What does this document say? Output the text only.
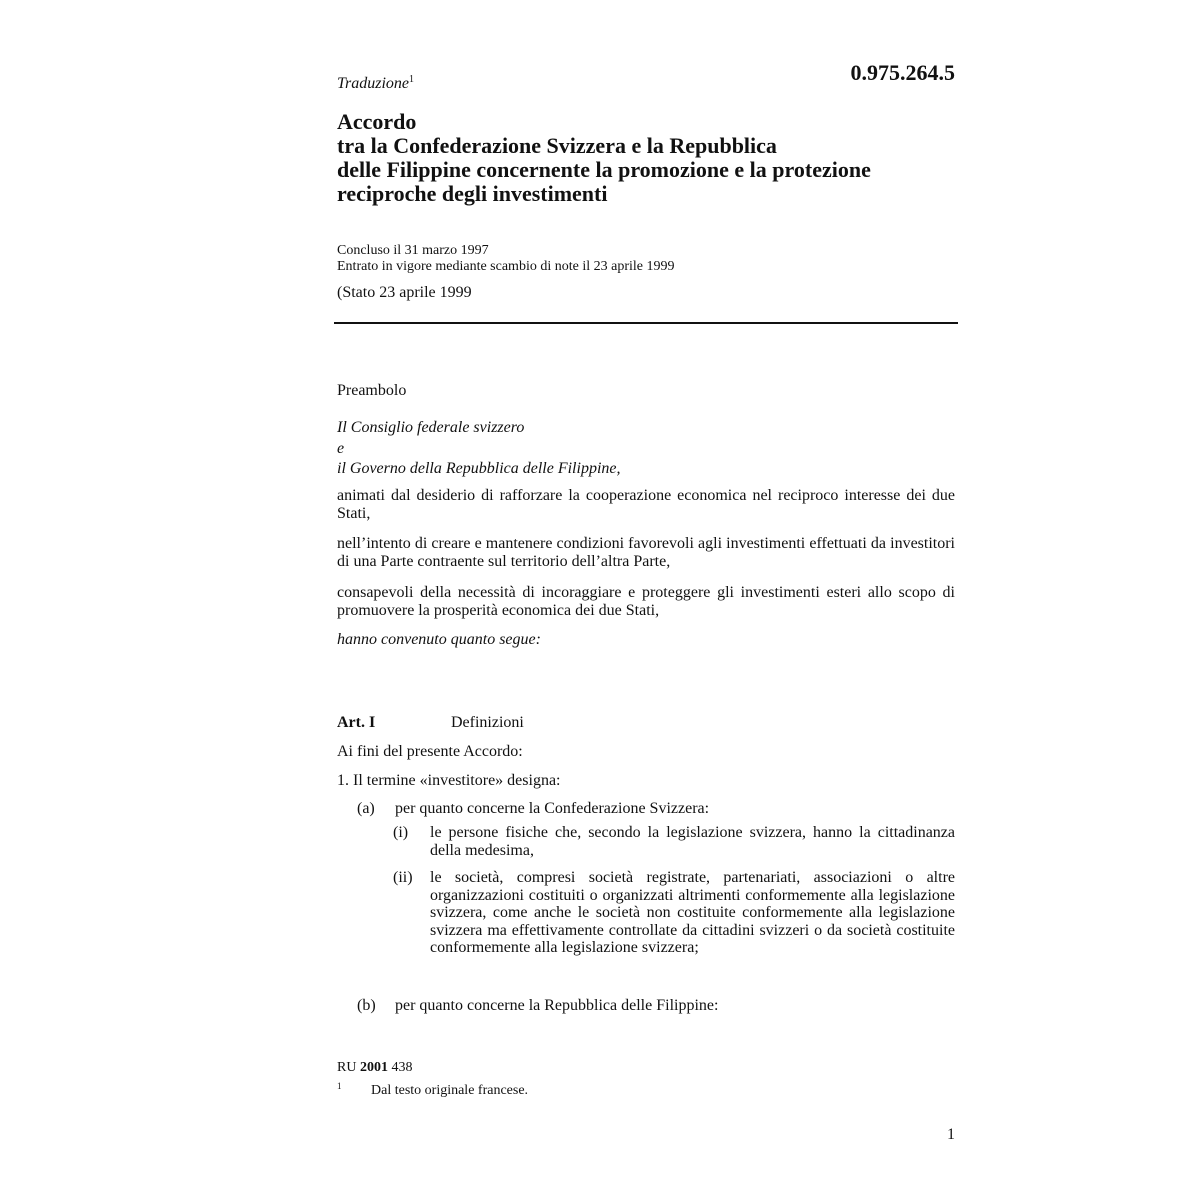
0.975.264.5
Traduzione$^1$
Accordo
tra la Confederazione Svizzera e la Repubblica
delle Filippine concernente la promozione e la protezione
reciproche degli investimenti
Concluso il 31 marzo 1997
Entrato in vigore mediante scambio di note il 23 aprile 1999
(Stato 23 aprile 1999
Preambolo
Il Consiglio federale svizzero
e
il Governo della Repubblica delle Filippine,
animati dal desiderio di rafforzare la cooperazione economica nel reciproco interesse dei due Stati,
nell’intento di creare e mantenere condizioni favorevoli agli investimenti effettuati da investitori di una Parte contraente sul territorio dell’altra Parte,
consapevoli della necessità di incoraggiare e proteggere gli investimenti esteri allo scopo di promuovere la prosperità economica dei due Stati,
hanno convenuto quanto segue:
Art. I	Definizioni
Ai fini del presente Accordo:
1. Il termine «investitore» designa:
(a) per quanto concerne la Confederazione Svizzera:
(i) le persone fisiche che, secondo la legislazione svizzera, hanno la cittadinanza della medesima,
(ii) le società, compresi società registrate, partenariati, associazioni o altre organizzazioni costituiti o organizzati altrimenti conformemente alla legislazione svizzera, come anche le società non costituite conformemente alla legislazione svizzera ma effettivamente controllate da cittadini svizzeri o da società costituite conformemente alla legislazione svizzera;
(b) per quanto concerne la Repubblica delle Filippine:
RU 2001 438
1 Dal testo originale francese.
1
